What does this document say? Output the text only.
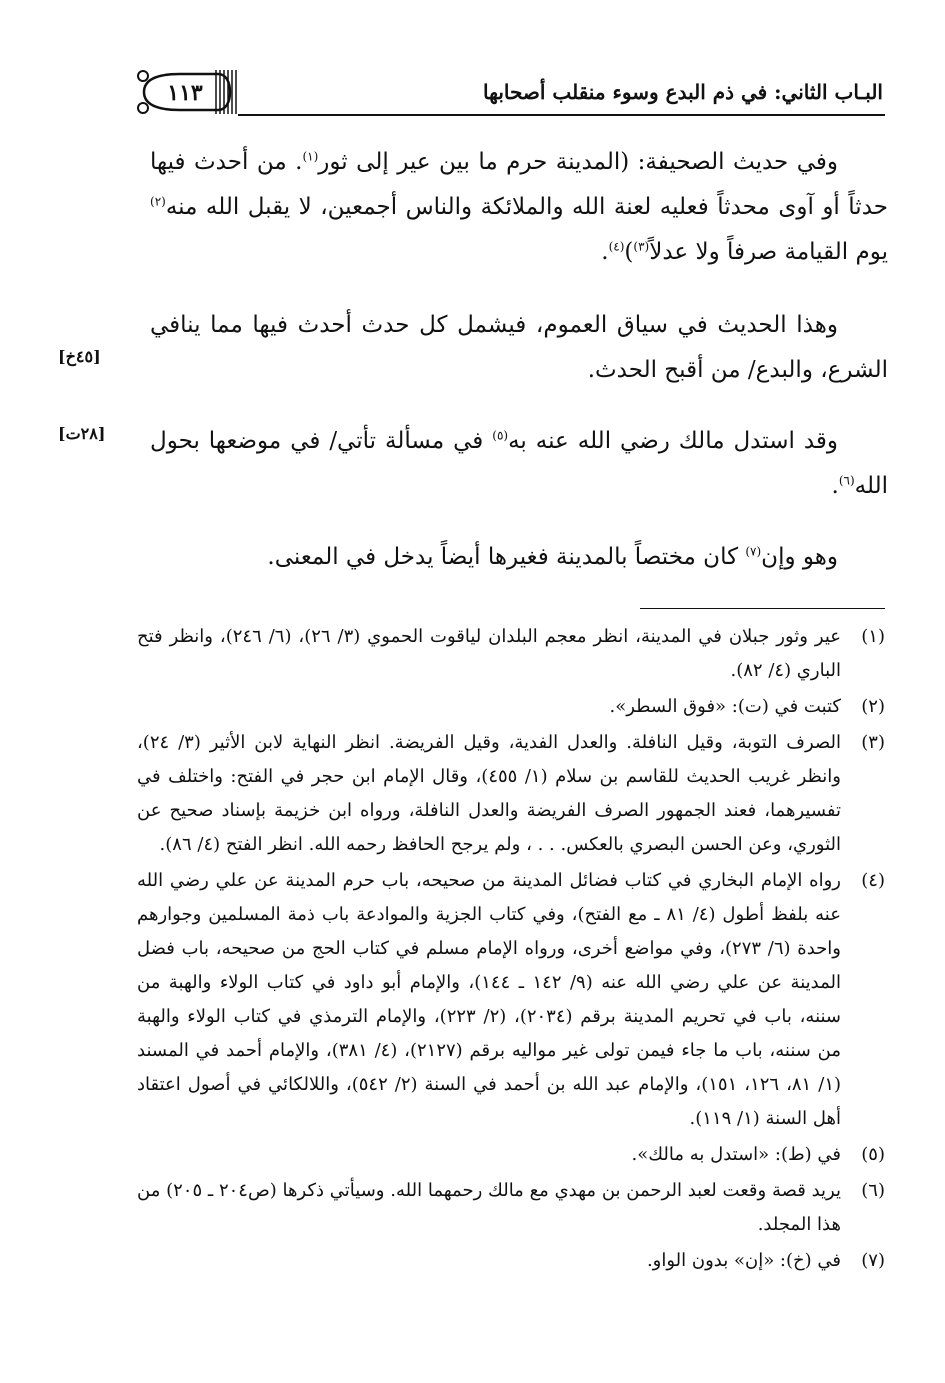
١١٣	البـاب الثاني: في ذم البدع وسوء منقلب أصحابها
وفي حديث الصحيفة: (المدينة حرم ما بين عير إلى ثور$^{(١)}$. من أحدث فيها حدثاً أو آوى محدثاً فعليه لعنة الله والملائكة والناس أجمعين، لا يقبل الله منه$^{(٢)}$ يوم القيامة صرفاً ولا عدلاً$^{(٣)}$)$^{(٤)}$.
وهذا الحديث في سياق العموم، فيشمل كل حدث أحدث فيها مما ينافي الشرع، والبدع/ من أقبح الحدث.
[٤٥خ]
وقد استدل مالك رضي الله عنه به$^{(٥)}$ في مسألة تأتي/ في موضعها بحول الله$^{(٦)}$.
[٢٨ت]
وهو وإن$^{(٧)}$ كان مختصاً بالمدينة فغيرها أيضاً يدخل في المعنى.
(١)
عير وثور جبلان في المدينة، انظر معجم البلدان لياقوت الحموي (٣/ ٢٦)، (٦/ ٢٤٦)، وانظر فتح الباري (٤/ ٨٢).
(٢)
كتبت في (ت): «فوق السطر».
(٣)
الصرف التوبة، وقيل النافلة. والعدل الفدية، وقيل الفريضة. انظر النهاية لابن الأثير (٣/ ٢٤)، وانظر غريب الحديث للقاسم بن سلام (١/ ٤٥٥)، وقال الإمام ابن حجر في الفتح: واختلف في تفسيرهما، فعند الجمهور الصرف الفريضة والعدل النافلة، ورواه ابن خزيمة بإسناد صحيح عن الثوري، وعن الحسن البصري بالعكس. . . ، ولم يرجح الحافظ رحمه الله. انظر الفتح (٤/ ٨٦).
(٤)
رواه الإمام البخاري في كتاب فضائل المدينة من صحيحه، باب حرم المدينة عن علي رضي الله عنه بلفظ أطول (٤/ ٨١ ـ مع الفتح)، وفي كتاب الجزية والموادعة باب ذمة المسلمين وجوارهم واحدة (٦/ ٢٧٣)، وفي مواضع أخرى، ورواه الإمام مسلم في كتاب الحج من صحيحه، باب فضل المدينة عن علي رضي الله عنه (٩/ ١٤٢ ـ ١٤٤)، والإمام أبو داود في كتاب الولاء والهبة من سننه، باب في تحريم المدينة برقم (٢٠٣٤)، (٢/ ٢٢٣)، والإمام الترمذي في كتاب الولاء والهبة من سننه، باب ما جاء فيمن تولى غير مواليه برقم (٢١٢٧)، (٤/ ٣٨١)، والإمام أحمد في المسند (١/ ٨١، ١٢٦، ١٥١)، والإمام عبد الله بن أحمد في السنة (٢/ ٥٤٢)، واللالكائي في أصول اعتقاد أهل السنة (١/ ١١٩).
(٥)
في (ط): «استدل به مالك».
(٦)
يريد قصة وقعت لعبد الرحمن بن مهدي مع مالك رحمهما الله. وسيأتي ذكرها (ص٢٠٤ ـ ٢٠٥) من هذا المجلد.
(٧)
في (خ): «إن» بدون الواو.
